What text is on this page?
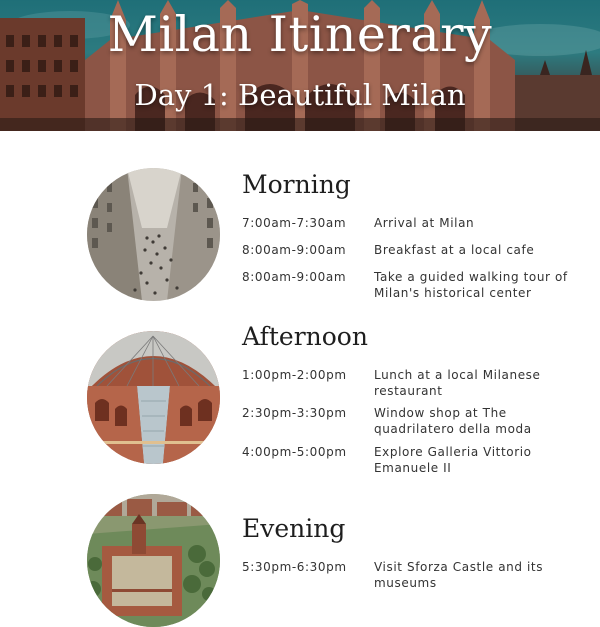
Milan Itinerary
Day 1: Beautiful Milan
Morning
7:00am-7:30am	Arrival at Milan
8:00am-9:00am	Breakfast at a local cafe
8:00am-9:00am	Take a guided walking tour of Milan's historical center
Afternoon
1:00pm-2:00pm	Lunch at a local Milanese restaurant
2:30pm-3:30pm	Window shop at The quadrilatero della moda
4:00pm-5:00pm	Explore Galleria Vittorio Emanuele II
Evening
5:30pm-6:30pm	Visit Sforza Castle and its museums
